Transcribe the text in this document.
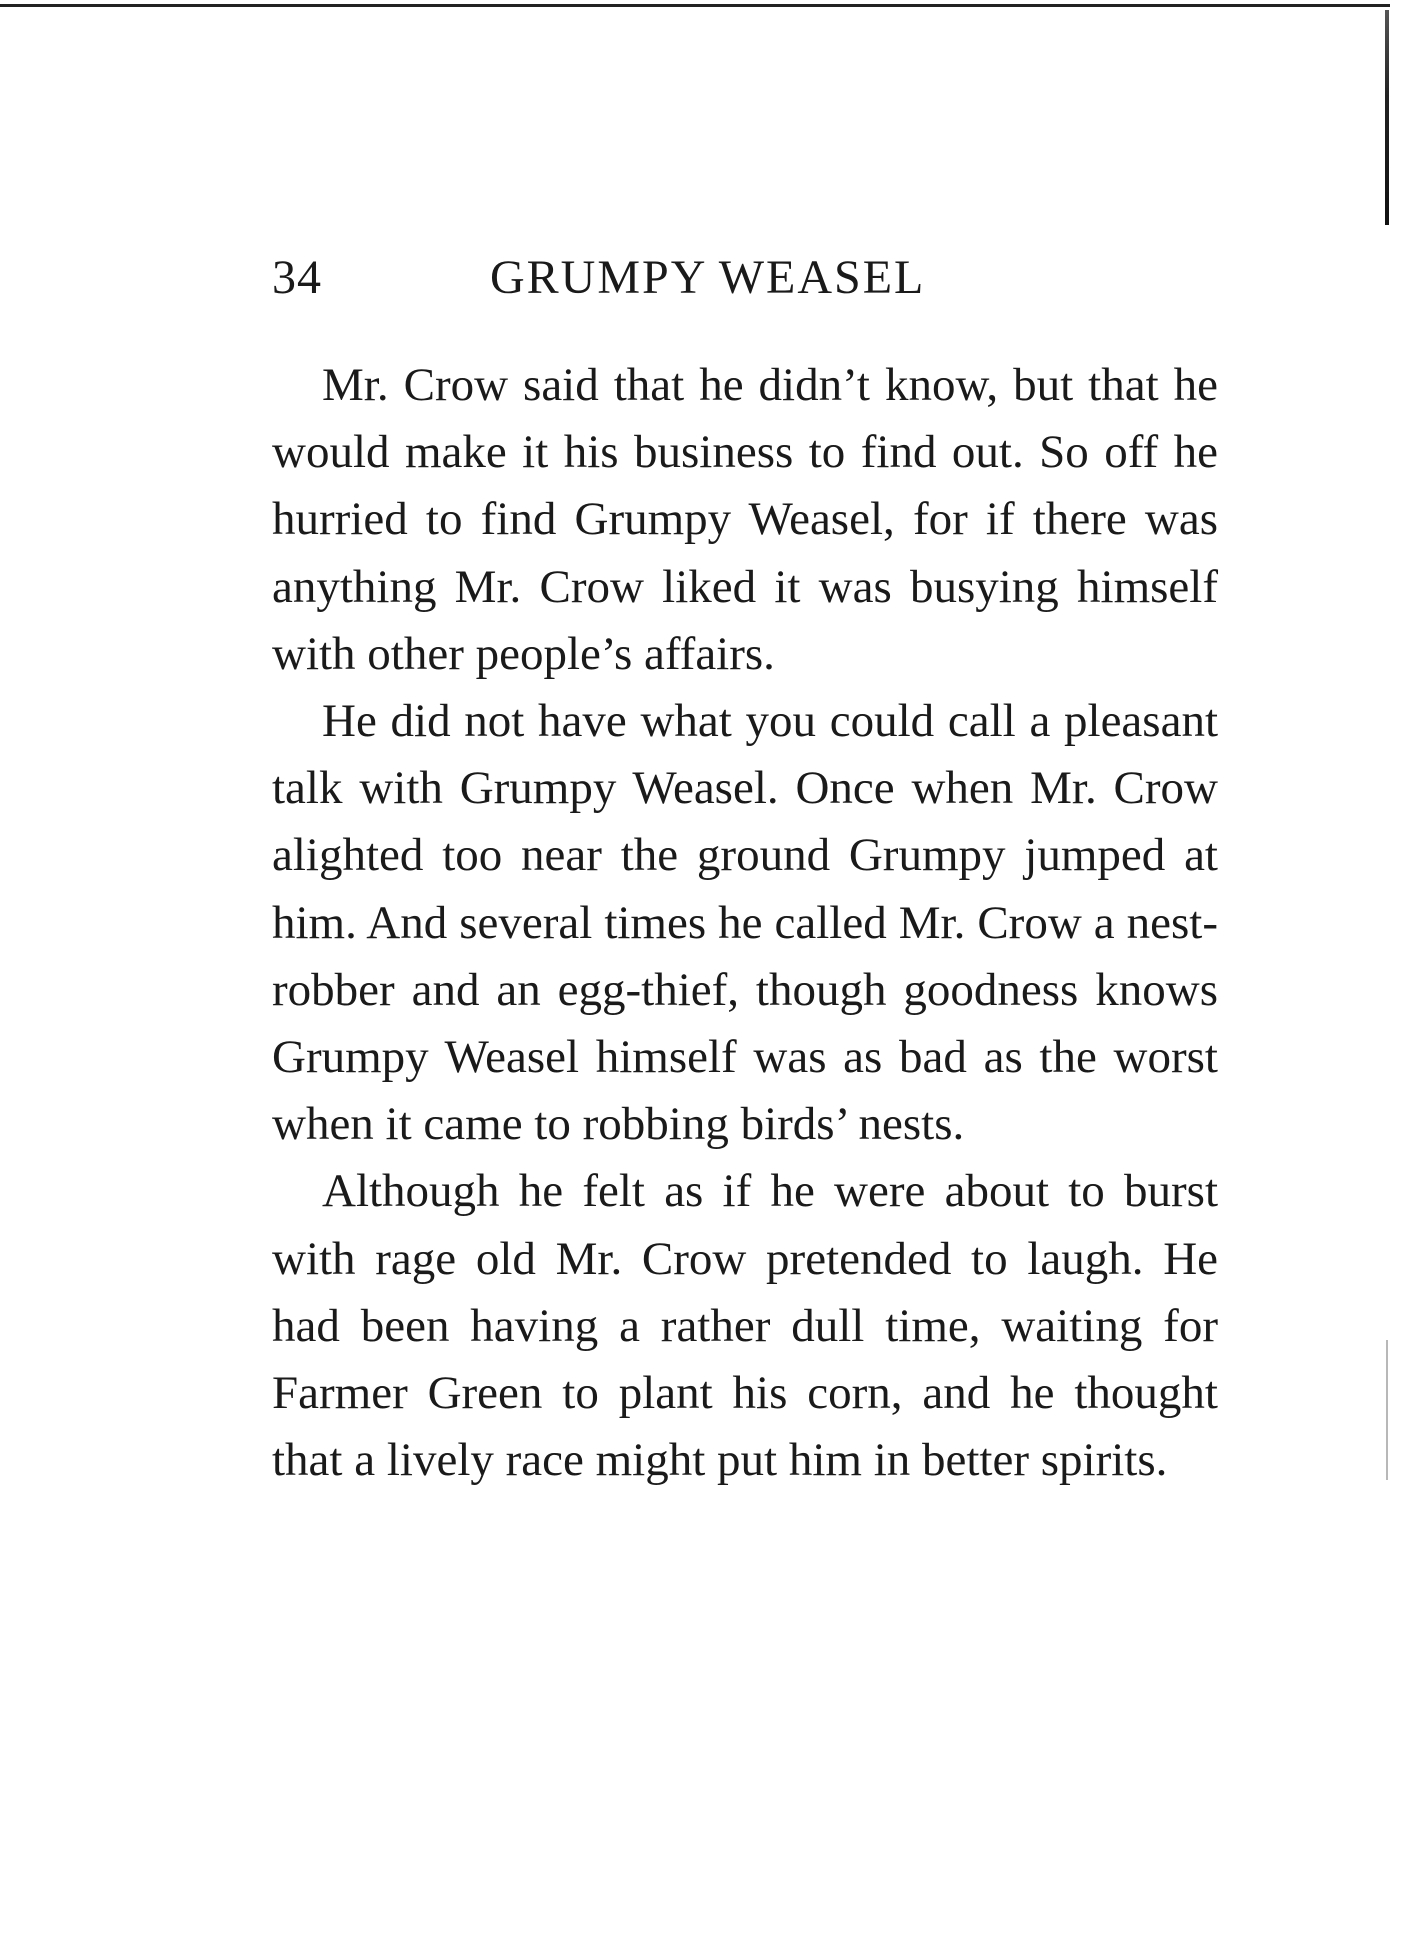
34	GRUMPY WEASEL

Mr. Crow said that he didn’t know, but that he would make it his business to find out. So off he hurried to find Grumpy Weasel, for if there was anything Mr. Crow liked it was busying himself with other people’s affairs.

He did not have what you could call a pleasant talk with Grumpy Weasel. Once when Mr. Crow alighted too near the ground Grumpy jumped at him. And several times he called Mr. Crow a nest-robber and an egg-thief, though goodness knows Grumpy Weasel himself was as bad as the worst when it came to robbing birds’ nests.

Although he felt as if he were about to burst with rage old Mr. Crow pretended to laugh. He had been having a rather dull time, waiting for Farmer Green to plant his corn, and he thought that a lively race might put him in better spirits.
